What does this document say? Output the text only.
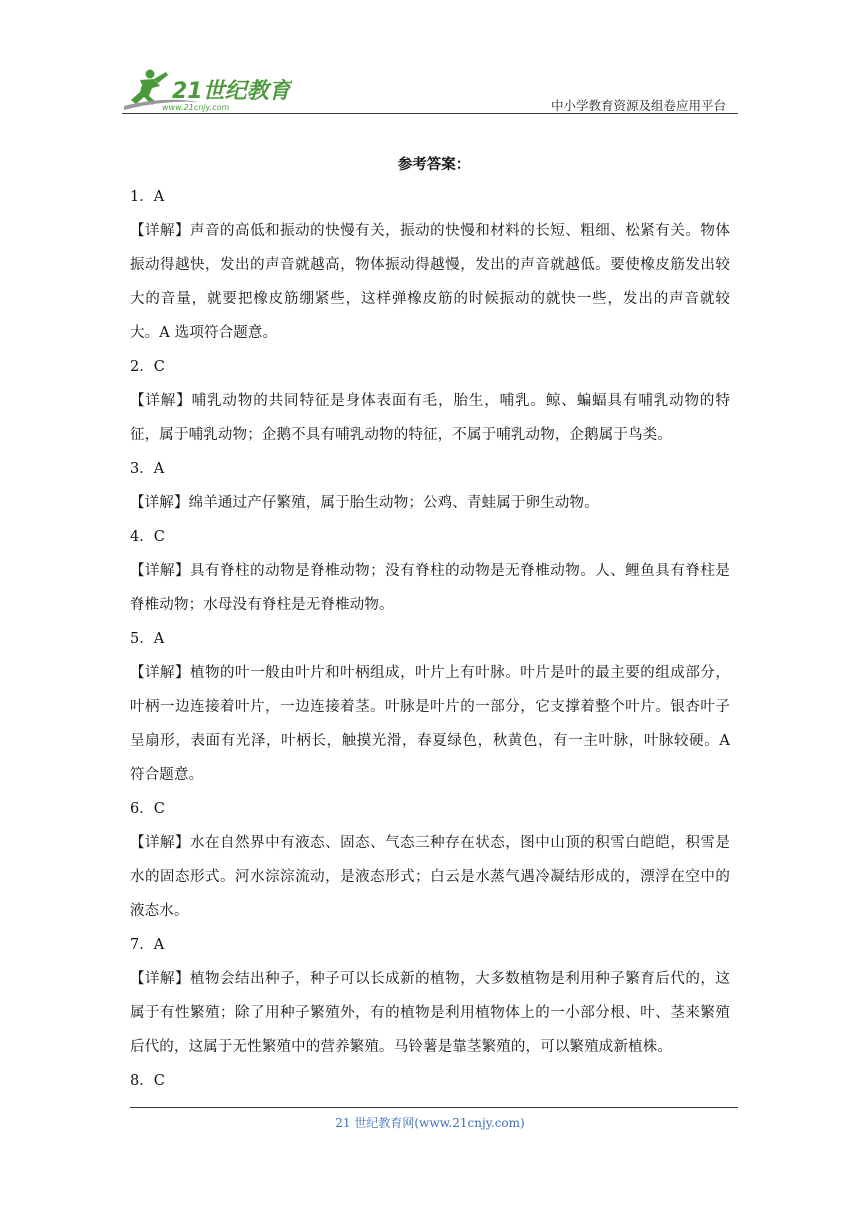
21世纪教育
www.21cnjy.com	中小学教育资源及组卷应用平台
参考答案：
1．A
【详解】声音的高低和振动的快慢有关，振动的快慢和材料的长短、粗细、松紧有关。物体振动得越快，发出的声音就越高，物体振动得越慢，发出的声音就越低。要使橡皮筋发出较大的音量，就要把橡皮筋绷紧些，这样弹橡皮筋的时候振动的就快一些，发出的声音就较大。A 选项符合题意。
2．C
【详解】哺乳动物的共同特征是身体表面有毛，胎生，哺乳。鲸、蝙蝠具有哺乳动物的特征，属于哺乳动物；企鹅不具有哺乳动物的特征，不属于哺乳动物，企鹅属于鸟类。
3．A
【详解】绵羊通过产仔繁殖，属于胎生动物；公鸡、青蛙属于卵生动物。
4．C
【详解】具有脊柱的动物是脊椎动物；没有脊柱的动物是无脊椎动物。人、鲤鱼具有脊柱是脊椎动物；水母没有脊柱是无脊椎动物。
5．A
【详解】植物的叶一般由叶片和叶柄组成，叶片上有叶脉。叶片是叶的最主要的组成部分，叶柄一边连接着叶片，一边连接着茎。叶脉是叶片的一部分，它支撑着整个叶片。银杏叶子呈扇形，表面有光泽，叶柄长，触摸光滑，春夏绿色，秋黄色，有一主叶脉，叶脉较硬。A 符合题意。
6．C
【详解】水在自然界中有液态、固态、气态三种存在状态，图中山顶的积雪白皑皑，积雪是水的固态形式。河水淙淙流动，是液态形式；白云是水蒸气遇冷凝结形成的，漂浮在空中的液态水。
7．A
【详解】植物会结出种子，种子可以长成新的植物，大多数植物是利用种子繁育后代的，这属于有性繁殖；除了用种子繁殖外，有的植物是利用植物体上的一小部分根、叶、茎来繁殖后代的，这属于无性繁殖中的营养繁殖。马铃薯是靠茎繁殖的，可以繁殖成新植株。
8．C
21 世纪教育网(www.21cnjy.com)
